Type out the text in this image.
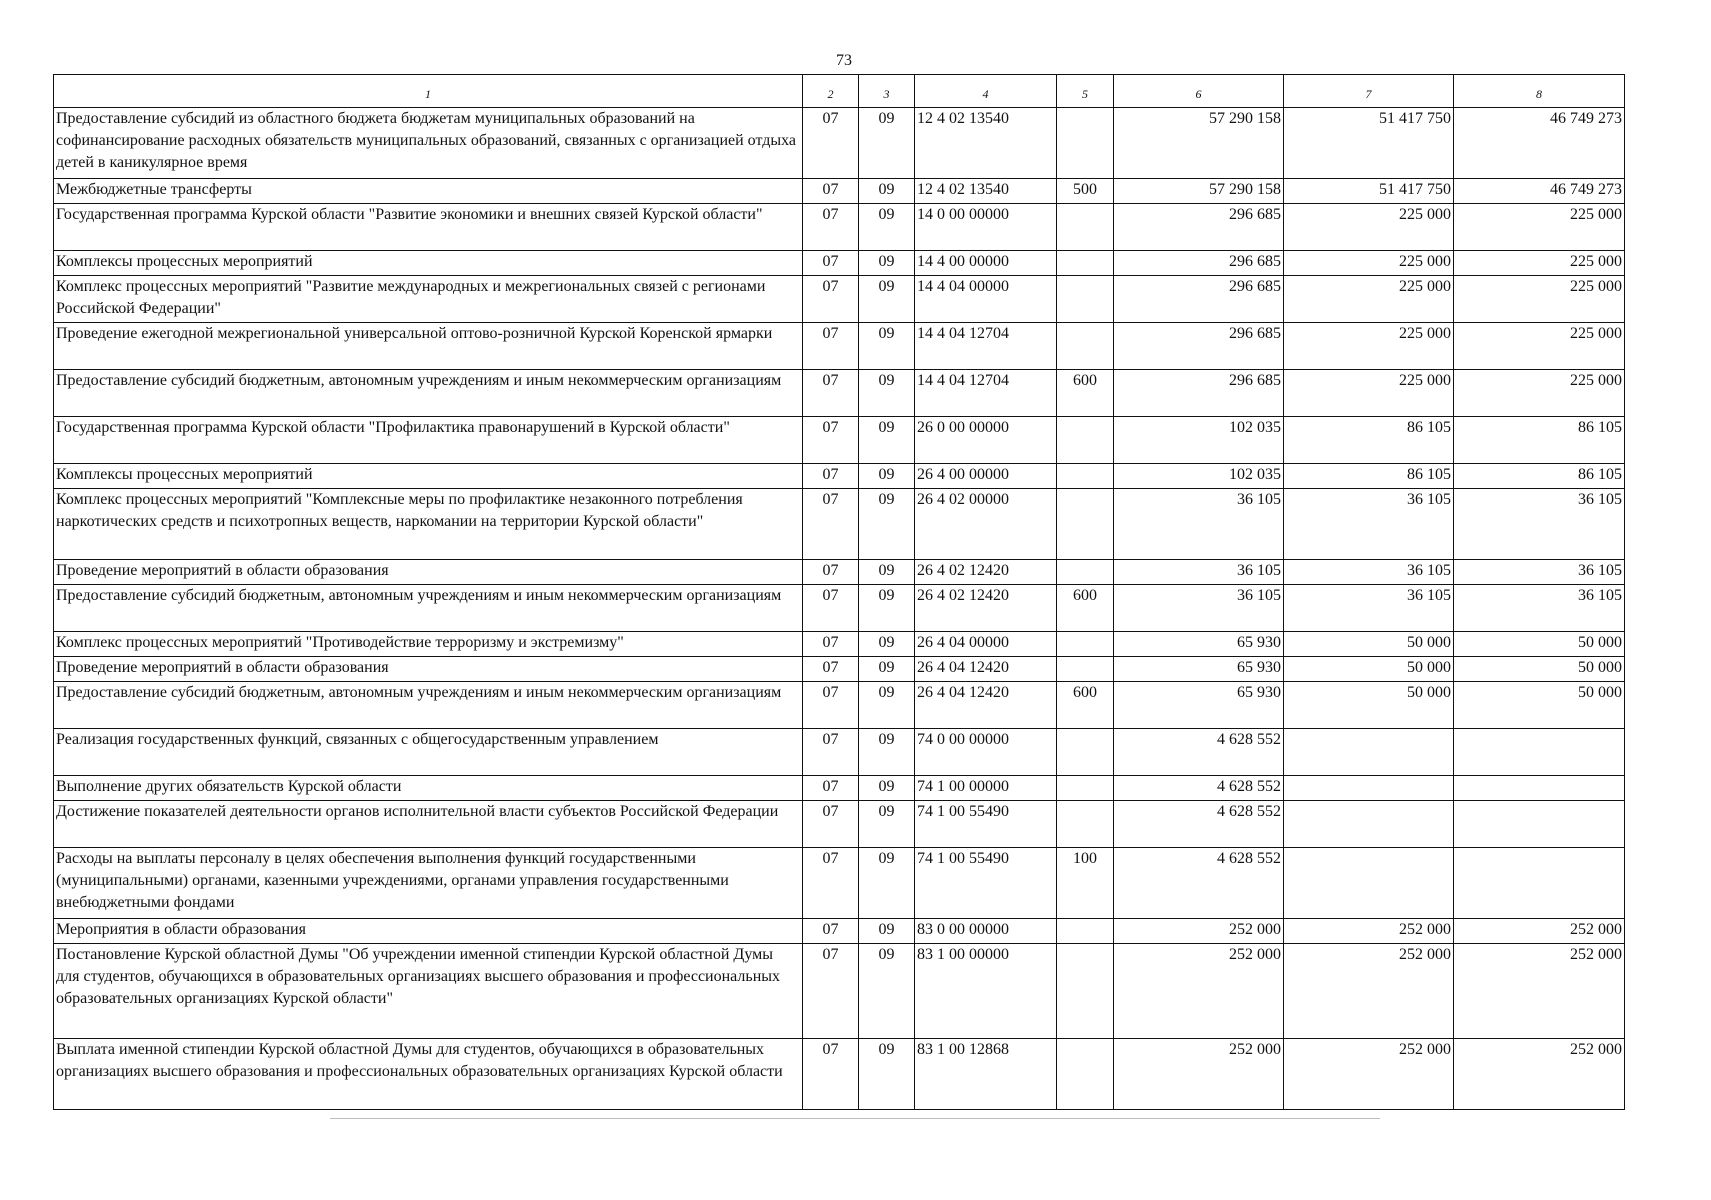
73
1	2	3	4	5	6	7	8
Предоставление субсидий из областного бюджета бюджетам муниципальных образований на софинансирование расходных обязательств муниципальных образований, связанных с организацией отдыха детей в каникулярное время	07	09	12 4 02 13540		57 290 158	51 417 750	46 749 273
Межбюджетные трансферты	07	09	12 4 02 13540	500	57 290 158	51 417 750	46 749 273
Государственная программа Курской области "Развитие экономики и внешних связей Курской области"	07	09	14 0 00 00000		296 685	225 000	225 000
Комплексы процессных мероприятий	07	09	14 4 00 00000		296 685	225 000	225 000
Комплекс процессных мероприятий "Развитие международных и межрегиональных связей с регионами Российской Федерации"	07	09	14 4 04 00000		296 685	225 000	225 000
Проведение ежегодной межрегиональной универсальной оптово-розничной Курской Коренской ярмарки	07	09	14 4 04 12704		296 685	225 000	225 000
Предоставление субсидий бюджетным, автономным учреждениям и иным некоммерческим организациям	07	09	14 4 04 12704	600	296 685	225 000	225 000
Государственная программа Курской области "Профилактика правонарушений в Курской области"	07	09	26 0 00 00000		102 035	86 105	86 105
Комплексы процессных мероприятий	07	09	26 4 00 00000		102 035	86 105	86 105
Комплекс процессных мероприятий "Комплексные меры по профилактике незаконного потребления наркотических средств и психотропных веществ, наркомании на территории Курской области"	07	09	26 4 02 00000		36 105	36 105	36 105
Проведение мероприятий в области образования	07	09	26 4 02 12420		36 105	36 105	36 105
Предоставление субсидий бюджетным, автономным учреждениям и иным некоммерческим организациям	07	09	26 4 02 12420	600	36 105	36 105	36 105
Комплекс процессных мероприятий "Противодействие терроризму и экстремизму"	07	09	26 4 04 00000		65 930	50 000	50 000
Проведение мероприятий в области образования	07	09	26 4 04 12420		65 930	50 000	50 000
Предоставление субсидий бюджетным, автономным учреждениям и иным некоммерческим организациям	07	09	26 4 04 12420	600	65 930	50 000	50 000
Реализация государственных функций, связанных с общегосударственным управлением	07	09	74 0 00 00000		4 628 552		
Выполнение других обязательств Курской области	07	09	74 1 00 00000		4 628 552		
Достижение показателей деятельности органов исполнительной власти субъектов Российской Федерации	07	09	74 1 00 55490		4 628 552		
Расходы на выплаты персоналу в целях обеспечения выполнения функций государственными (муниципальными) органами, казенными учреждениями, органами управления государственными внебюджетными фондами	07	09	74 1 00 55490	100	4 628 552		
Мероприятия в области образования	07	09	83 0 00 00000		252 000	252 000	252 000
Постановление Курской областной Думы "Об учреждении именной стипендии Курской областной Думы для студентов, обучающихся в образовательных организациях высшего образования и профессиональных образовательных организациях Курской области"	07	09	83 1 00 00000		252 000	252 000	252 000
Выплата именной стипендии Курской областной Думы для студентов, обучающихся в образовательных организациях высшего образования и профессиональных образовательных организациях Курской области	07	09	83 1 00 12868		252 000	252 000	252 000
